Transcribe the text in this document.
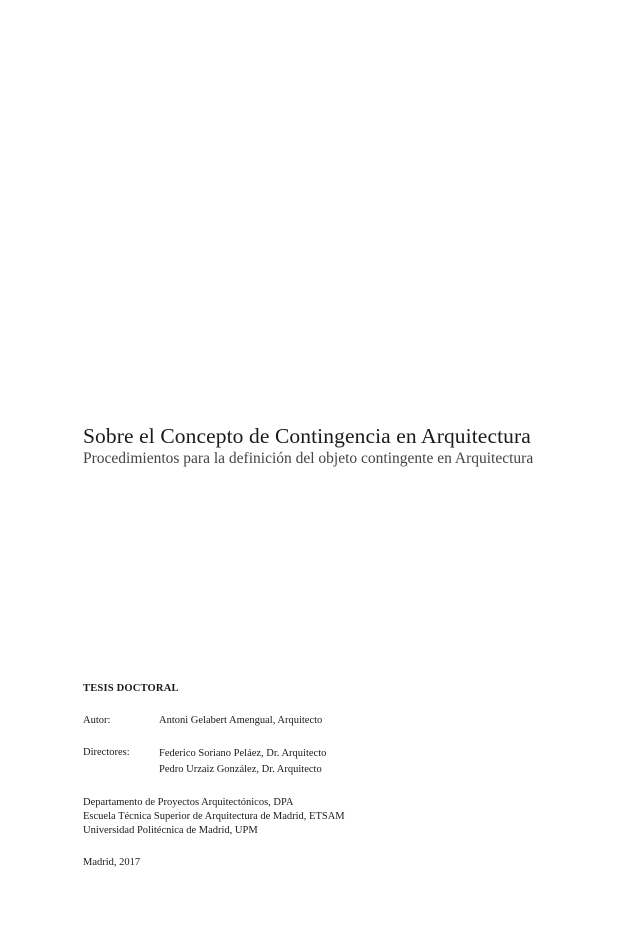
Sobre el Concepto de Contingencia en Arquitectura
Procedimientos para la definición del objeto contingente en Arquitectura
TESIS DOCTORAL
Autor:	Antoni Gelabert Amengual, Arquitecto
Directores:	Federico Soriano Peláez, Dr. Arquitecto
Pedro Urzaiz González, Dr. Arquitecto
Departamento de Proyectos Arquitectónicos, DPA
Escuela Técnica Superior de Arquitectura de Madrid, ETSAM
Universidad Politécnica de Madrid, UPM
Madrid, 2017
